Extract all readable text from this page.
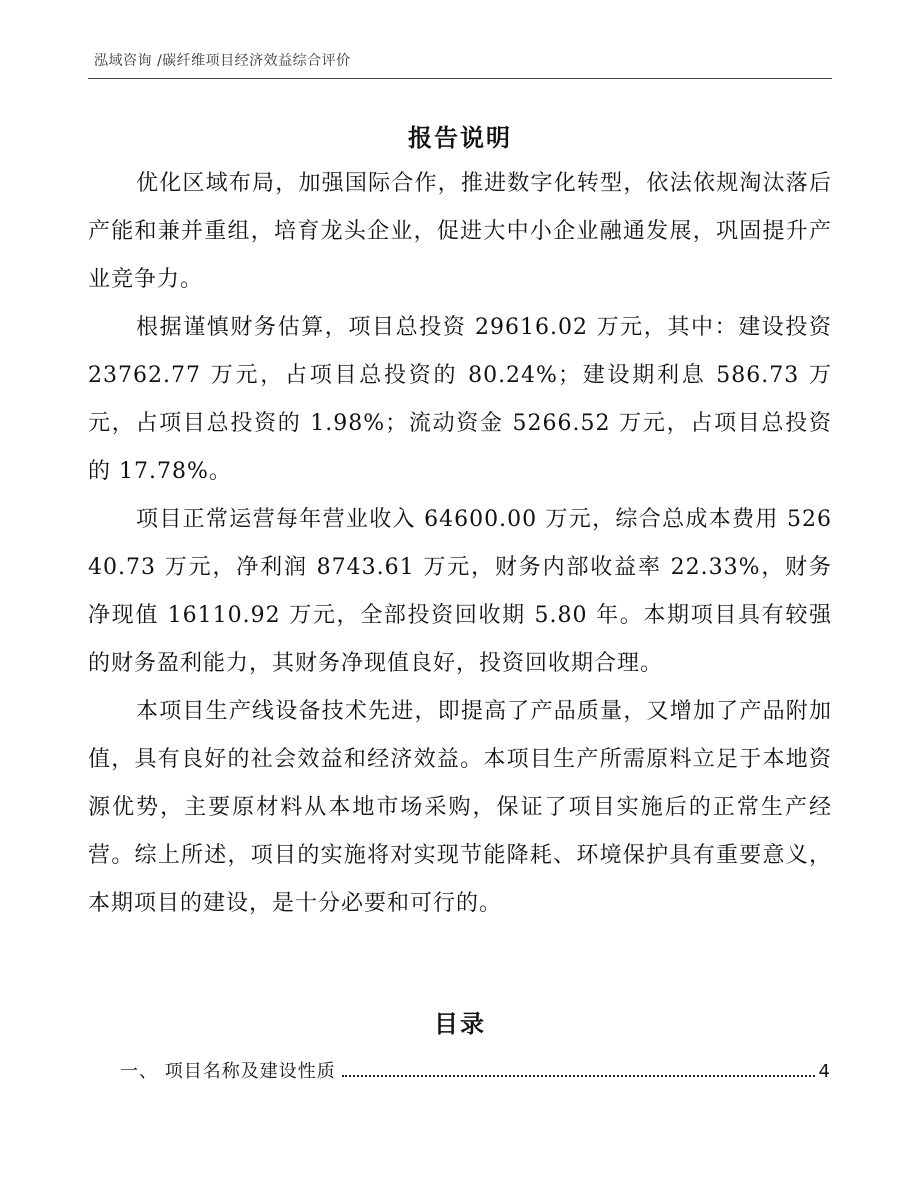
泓域咨询 /碳纤维项目经济效益综合评价
报告说明

优化区域布局，加强国际合作，推进数字化转型，依法依规淘汰落后产能和兼并重组，培育龙头企业，促进大中小企业融通发展，巩固提升产业竞争力。

根据谨慎财务估算，项目总投资 29616.02 万元，其中：建设投资 23762.77 万元，占项目总投资的 80.24%；建设期利息 586.73 万元，占项目总投资的 1.98%；流动资金 5266.52 万元，占项目总投资的 17.78%。

项目正常运营每年营业收入 64600.00 万元，综合总成本费用 52640.73 万元，净利润 8743.61 万元，财务内部收益率 22.33%，财务净现值 16110.92 万元，全部投资回收期 5.80 年。本期项目具有较强的财务盈利能力，其财务净现值良好，投资回收期合理。

本项目生产线设备技术先进，即提高了产品质量，又增加了产品附加值，具有良好的社会效益和经济效益。本项目生产所需原料立足于本地资源优势，主要原材料从本地市场采购，保证了项目实施后的正常生产经营。综上所述，项目的实施将对实现节能降耗、环境保护具有重要意义，本期项目的建设，是十分必要和可行的。

目录
一、 项目名称及建设性质	4
